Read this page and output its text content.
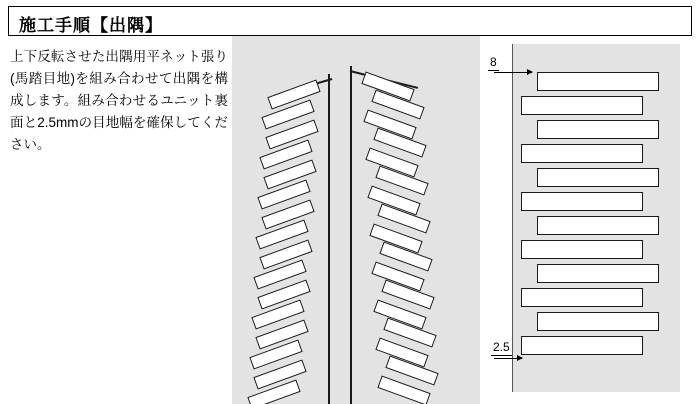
施工手順【出隅】
上下反転させた出隅用平ネット張り(馬踏目地)を組み合わせて出隅を構成します。組み合わせるユニット裏面と2.5mmの目地幅を確保してください。
8
2.5
